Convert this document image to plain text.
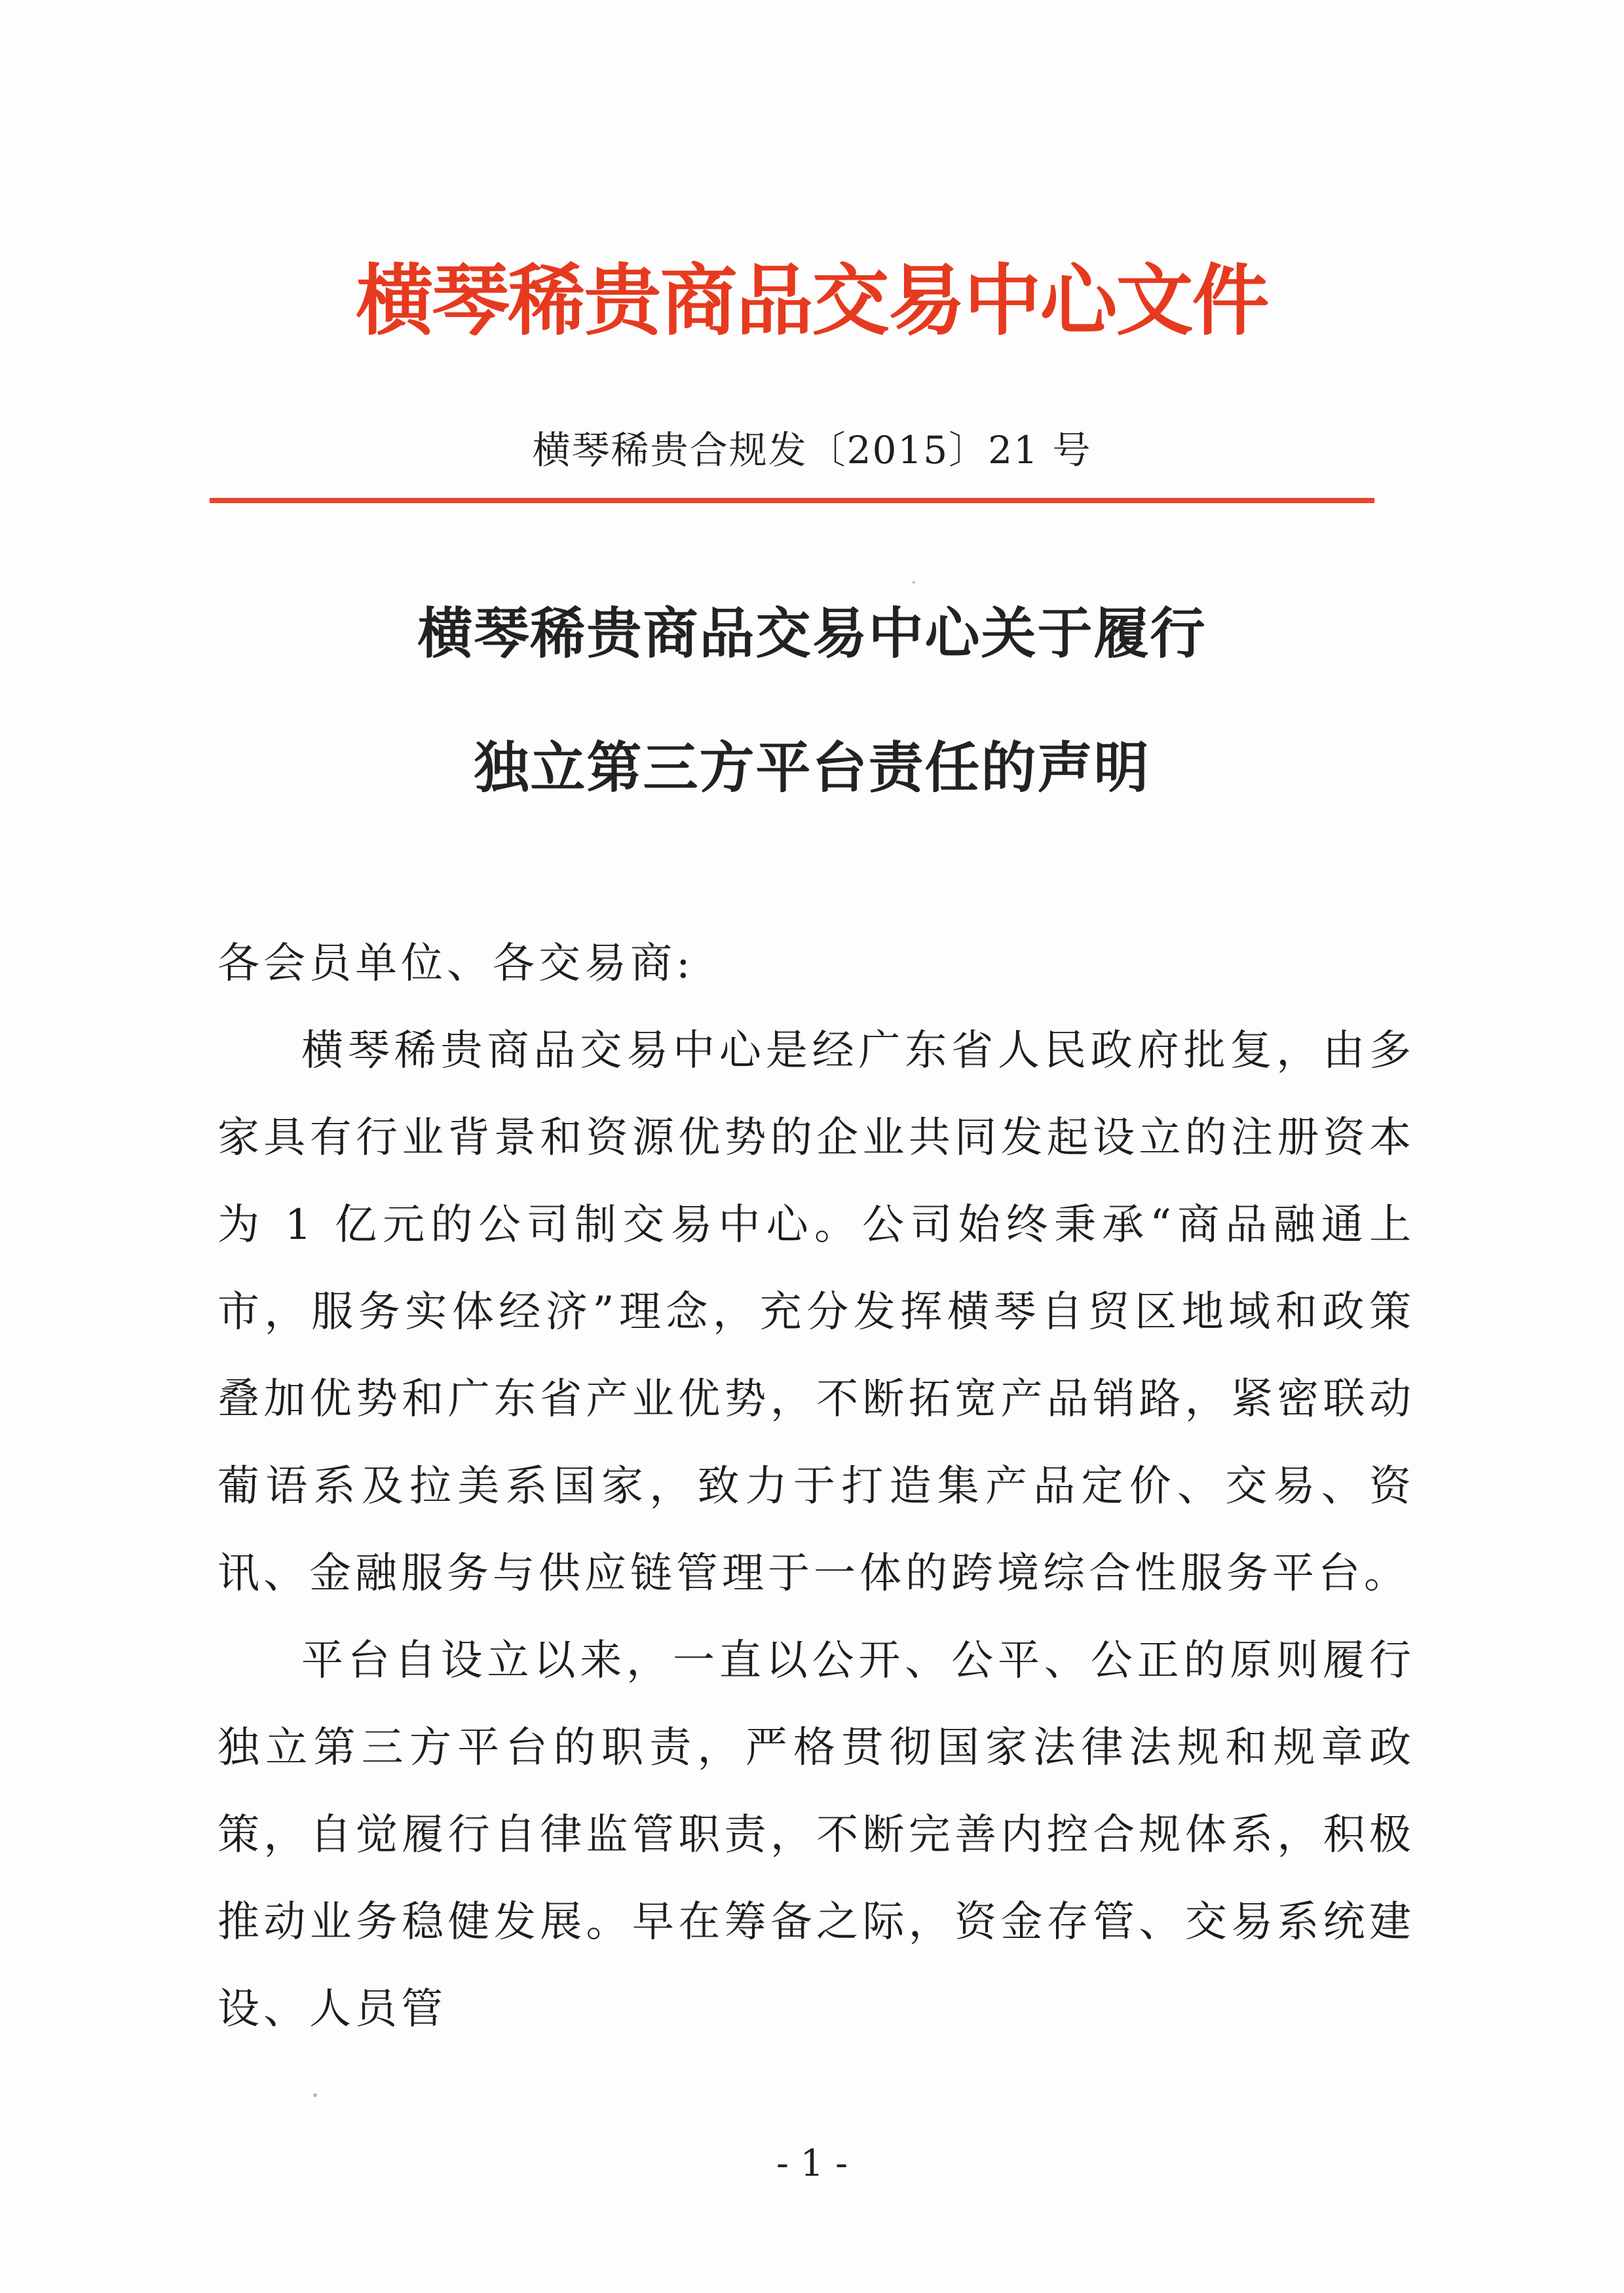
横琴稀贵商品交易中心文件
横琴稀贵合规发〔2015〕21 号
横琴稀贵商品交易中心关于履行
独立第三方平台责任的声明

各会员单位、各交易商:

横琴稀贵商品交易中心是经广东省人民政府批复，由多家具有行业背景和资源优势的企业共同发起设立的注册资本为 1 亿元的公司制交易中心。公司始终秉承“商品融通上市，服务实体经济”理念，充分发挥横琴自贸区地域和政策叠加优势和广东省产业优势，不断拓宽产品销路，紧密联动葡语系及拉美系国家，致力于打造集产品定价、交易、资讯、金融服务与供应链管理于一体的跨境综合性服务平台。

平台自设立以来，一直以公开、公平、公正的原则履行独立第三方平台的职责，严格贯彻国家法律法规和规章政策，自觉履行自律监管职责，不断完善内控合规体系，积极推动业务稳健发展。早在筹备之际，资金存管、交易系统建设、人员管

- 1 -
